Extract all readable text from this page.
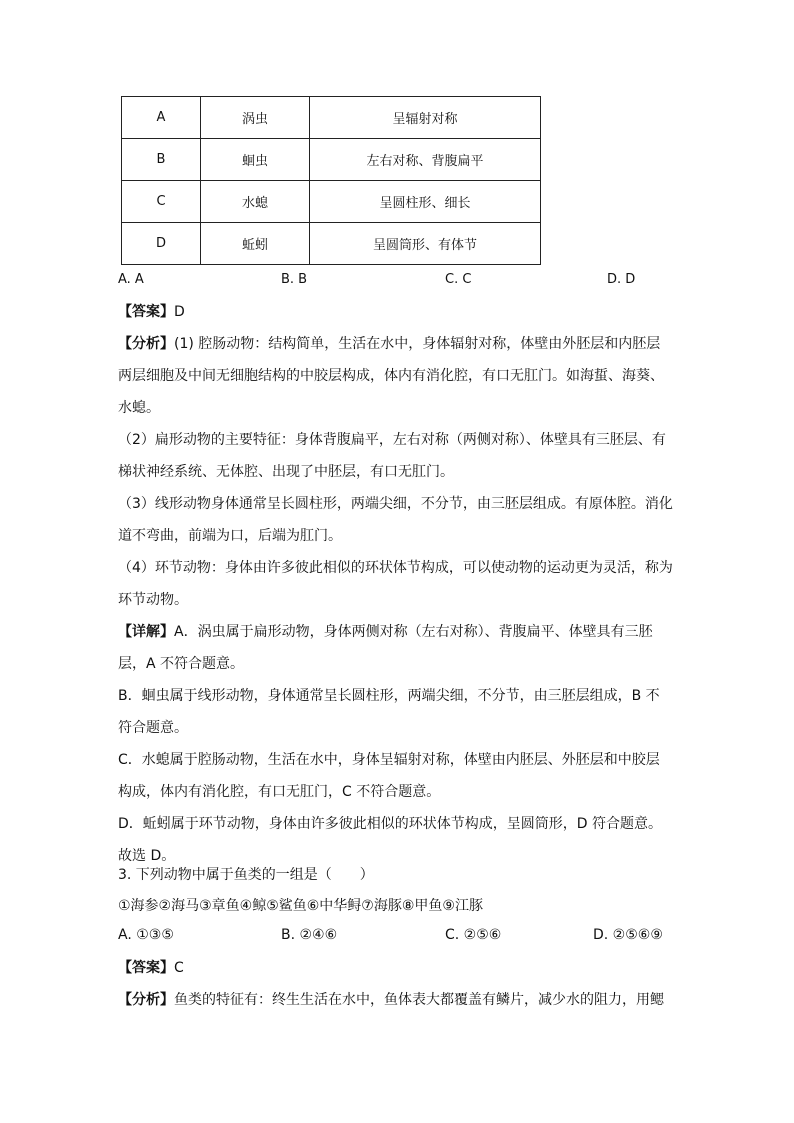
A	涡虫	呈辐射对称
B	蛔虫	左右对称、背腹扁平
C	水螅	呈圆柱形、细长
D	蚯蚓	呈圆筒形、有体节
A. A	B. B	C. C	D. D
【答案】D
【分析】(1) 腔肠动物：结构简单，生活在水中，身体辐射对称，体壁由外胚层和内胚层
两层细胞及中间无细胞结构的中胶层构成，体内有消化腔，有口无肛门。如海蜇、海葵、
水螅。
（2）扁形动物的主要特征：身体背腹扁平，左右对称（两侧对称）、体壁具有三胚层、有
梯状神经系统、无体腔、出现了中胚层，有口无肛门。
（3）线形动物身体通常呈长圆柱形，两端尖细，不分节，由三胚层组成。有原体腔。消化
道不弯曲，前端为口，后端为肛门。
（4）环节动物：身体由许多彼此相似的环状体节构成，可以使动物的运动更为灵活，称为
环节动物。
【详解】A．涡虫属于扁形动物，身体两侧对称（左右对称）、背腹扁平、体壁具有三胚
层，A 不符合题意。
B．蛔虫属于线形动物，身体通常呈长圆柱形，两端尖细，不分节，由三胚层组成，B 不
符合题意。
C．水螅属于腔肠动物，生活在水中，身体呈辐射对称，体壁由内胚层、外胚层和中胶层
构成，体内有消化腔，有口无肛门，C 不符合题意。
D．蚯蚓属于环节动物，身体由许多彼此相似的环状体节构成，呈圆筒形，D 符合题意。
故选 D。
3. 下列动物中属于鱼类的一组是（　　）
①海参②海马③章鱼④鲸⑤鲨鱼⑥中华鲟⑦海豚⑧甲鱼⑨江豚
A. ①③⑤	B. ②④⑥	C. ②⑤⑥	D. ②⑤⑥⑨
【答案】C
【分析】鱼类的特征有：终生生活在水中，鱼体表大都覆盖有鳞片，减少水的阻力，用鳃
